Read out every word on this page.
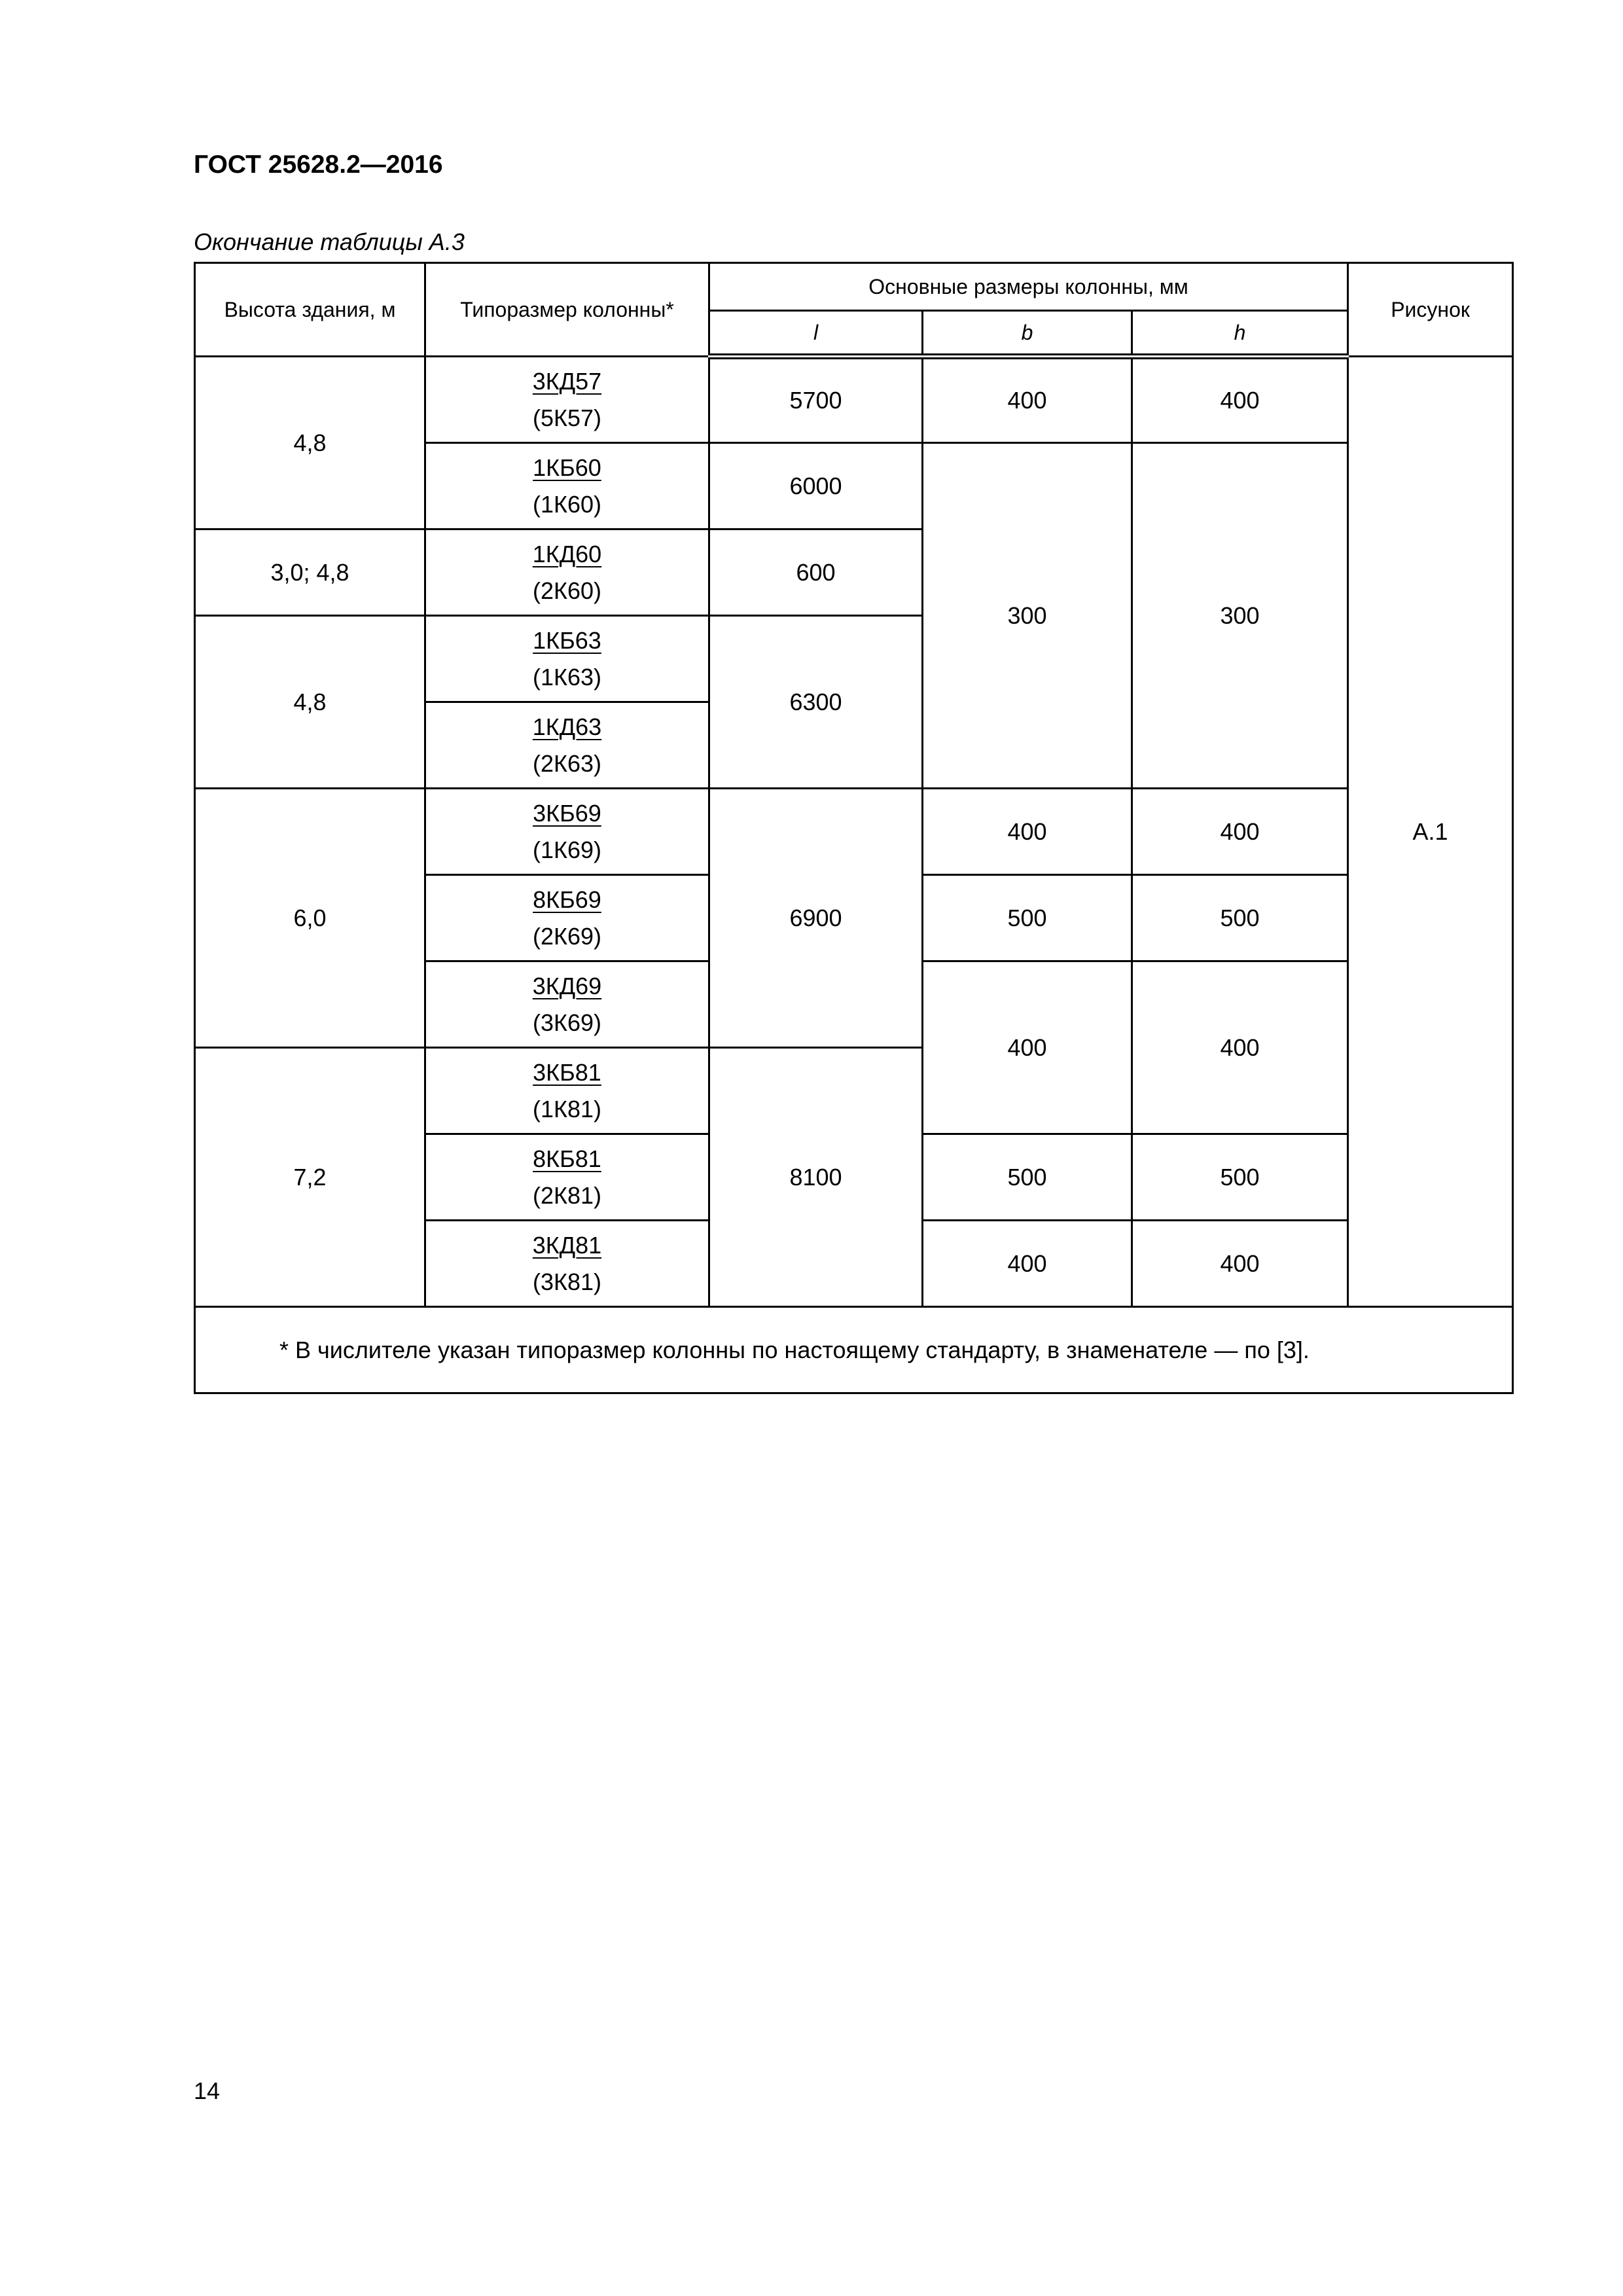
ГОСТ 25628.2—2016
Окончание таблицы А.3
Высота здания, м	Типоразмер колонны*	Основные размеры колонны, мм			Рисунок
		l	b	h	
4,8	$\frac{3КД57}{(5К57)}$	5700	400	400	А.1

	$\frac{1КБ60}{(1К60)}$	6000	300	300	
3,0; 4,8	$\frac{1КД60}{(2К60)}$	600			
4,8	$\frac{1КБ63}{(1К63)}$	6300			

	$\frac{1КД63}{(2К63)}$

6,0	$\frac{3КБ69}{(1К69)}$	6900	400	400	

	$\frac{8КБ69}{(2К69)}$		500	500	

	$\frac{3КД69}{(3К69)}$		400	400	
7,2	$\frac{3КБ81}{(1К81)}$	8100			

	$\frac{8КБ81}{(2К81)}$		500	500	

	$\frac{3КД81}{(3К81)}$		400	400	
* В числителе указан типоразмер колонны по настоящему стандарту, в знаменателе — по [3].					
14
